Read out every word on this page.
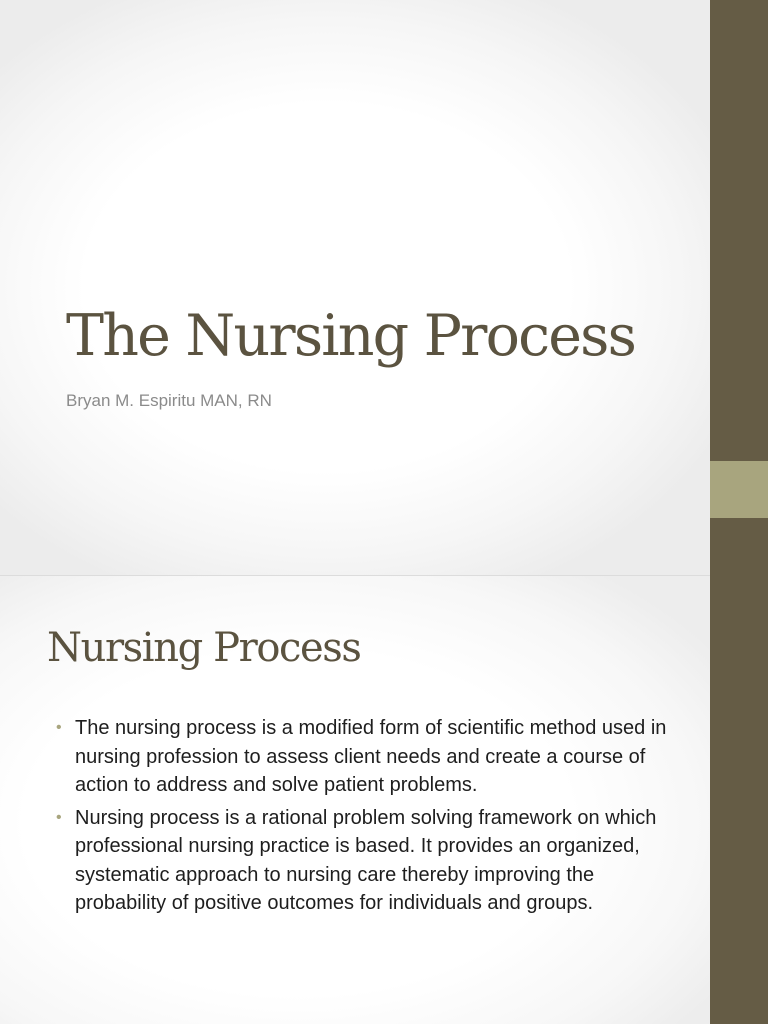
The Nursing Process

Bryan M. Espiritu MAN, RN

Nursing Process
• The nursing process is a modified form of scientific method used in nursing profession to assess client needs and create a course of action to address and solve patient problems.
• Nursing process is a rational problem solving framework on which professional nursing practice is based. It provides an organized, systematic approach to nursing care thereby improving the probability of positive outcomes for individuals and groups.
